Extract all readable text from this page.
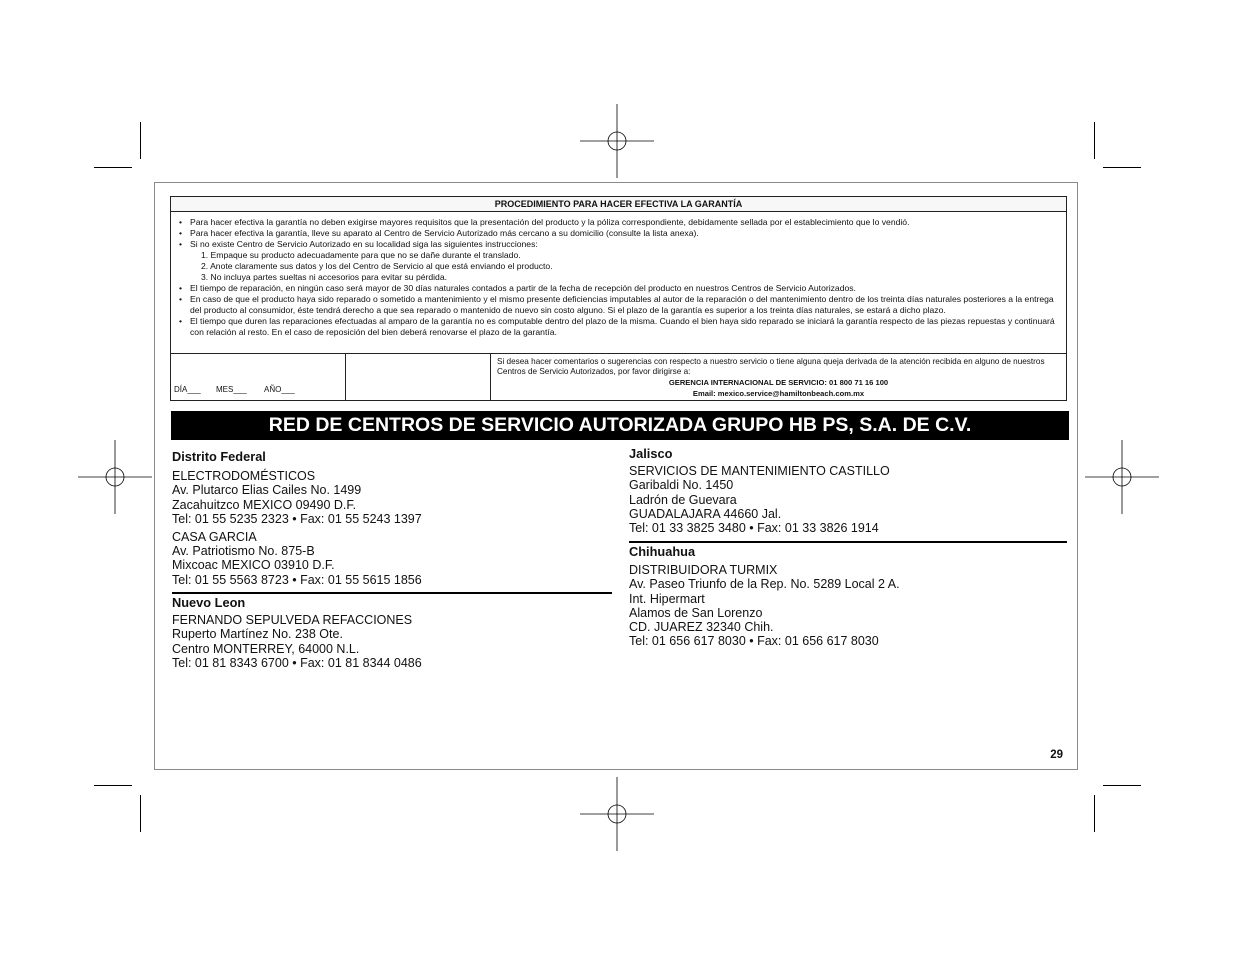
PROCEDIMIENTO PARA HACER EFECTIVA LA GARANTÍA
• Para hacer efectiva la garantía no deben exigirse mayores requisitos que la presentación del producto y la póliza correspondiente, debidamente sellada por el establecimiento que lo vendió.
• Para hacer efectiva la garantía, lleve su aparato al Centro de Servicio Autorizado más cercano a su domicilio (consulte la lista anexa).
• Si no existe Centro de Servicio Autorizado en su localidad siga las siguientes instrucciones:
1. Empaque su producto adecuadamente para que no se dañe durante el translado.
2. Anote claramente sus datos y los del Centro de Servicio al que está enviando el producto.
3. No incluya partes sueltas ni accesorios para evitar su pérdida.
• El tiempo de reparación, en ningún caso será mayor de 30 días naturales contados a partir de la fecha de recepción del producto en nuestros Centros de Servicio Autorizados.
• En caso de que el producto haya sido reparado o sometido a mantenimiento y el mismo presente deficiencias imputables al autor de la reparación o del mantenimiento dentro de los treinta días naturales posteriores a la entrega del producto al consumidor, éste tendrá derecho a que sea reparado o mantenido de nuevo sin costo alguno. Si el plazo de la garantía es superior a los treinta días naturales, se estará a dicho plazo.
• El tiempo que duren las reparaciones efectuadas al amparo de la garantía no es computable dentro del plazo de la misma. Cuando el bien haya sido reparado se iniciará la garantía respecto de las piezas repuestas y continuará con relación al resto. En el caso de reposición del bien deberá renovarse el plazo de la garantía.
DÍA___ MES___ AÑO___
Si desea hacer comentarios o sugerencias con respecto a nuestro servicio o tiene alguna queja derivada de la atención recibida en alguno de nuestros Centros de Servicio Autorizados, por favor dirigirse a:
GERENCIA INTERNACIONAL DE SERVICIO: 01 800 71 16 100
Email: mexico.service@hamiltonbeach.com.mx
RED DE CENTROS DE SERVICIO AUTORIZADA GRUPO HB PS, S.A. DE C.V.
Distrito Federal
ELECTRODOMÉSTICOS
Av. Plutarco Elias Cailes No. 1499
Zacahuitzco MEXICO 09490 D.F.
Tel: 01 55 5235 2323 • Fax: 01 55 5243 1397
CASA GARCIA
Av. Patriotismo No. 875-B
Mixcoac MEXICO 03910 D.F.
Tel: 01 55 5563 8723 • Fax: 01 55 5615 1856
Nuevo Leon
FERNANDO SEPULVEDA REFACCIONES
Ruperto Martínez No. 238 Ote.
Centro MONTERREY, 64000 N.L.
Tel: 01 81 8343 6700 • Fax: 01 81 8344 0486
Jalisco
SERVICIOS DE MANTENIMIENTO CASTILLO
Garibaldi No. 1450
Ladrón de Guevara
GUADALAJARA 44660 Jal.
Tel: 01 33 3825 3480 • Fax: 01 33 3826 1914
Chihuahua
DISTRIBUIDORA TURMIX
Av. Paseo Triunfo de la Rep. No. 5289 Local 2 A.
Int. Hipermart
Alamos de San Lorenzo
CD. JUAREZ 32340 Chih.
Tel: 01 656 617 8030 • Fax: 01 656 617 8030
29
